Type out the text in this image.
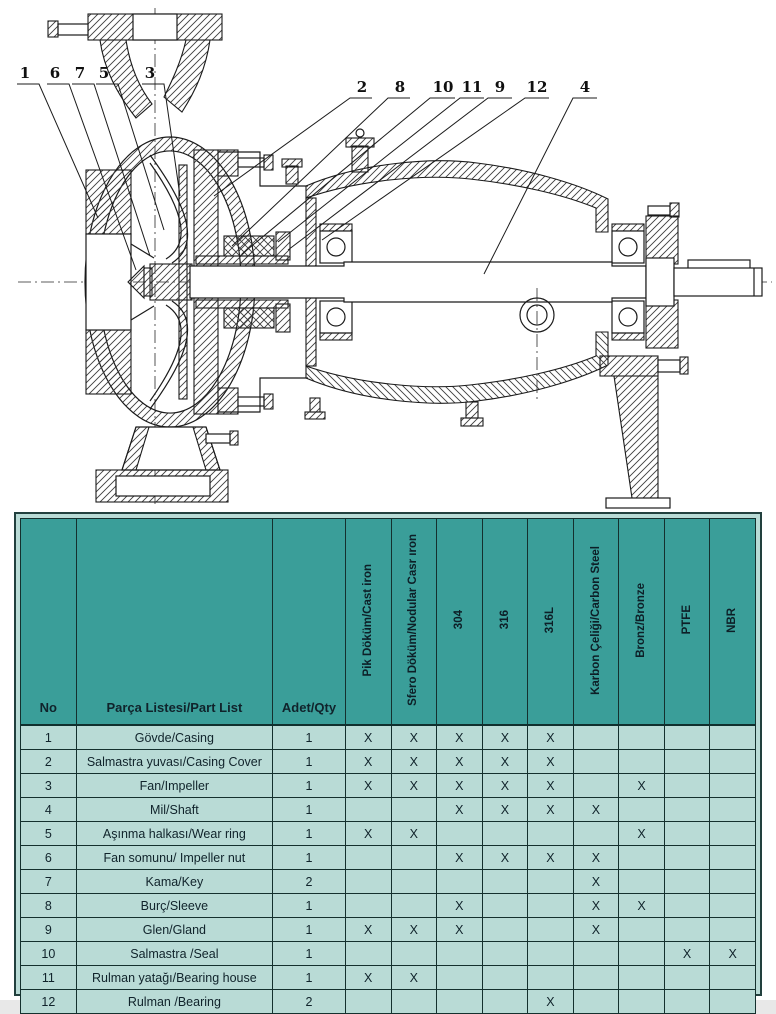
1 6 7 5 3
2 8 10 11 9 12 4
No	Parça Listesi/Part List	Adet/Qty	Pik Döküm/Cast iron	Sfero Döküm/Nodular Casr ıron	304	316	316L	Karbon Çeliği/Carbon Steel	Bronz/Bronze	PTFE	NBR
1	Gövde/Casing	1	X	X	X	X	X				
2	Salmastra yuvası/Casing Cover	1	X	X	X	X	X				
3	Fan/Impeller	1	X	X	X	X	X		X		
4	Mil/Shaft	1			X	X	X	X			
5	Aşınma halkası/Wear ring	1	X	X					X		
6	Fan somunu/ Impeller nut	1			X	X	X	X			
7	Kama/Key	2						X			
8	Burç/Sleeve	1			X			X	X		
9	Glen/Gland	1	X	X	X			X			
10	Salmastra /Seal	1								X	X
11	Rulman yatağı/Bearing house	1	X	X							
12	Rulman /Bearing	2					X				
